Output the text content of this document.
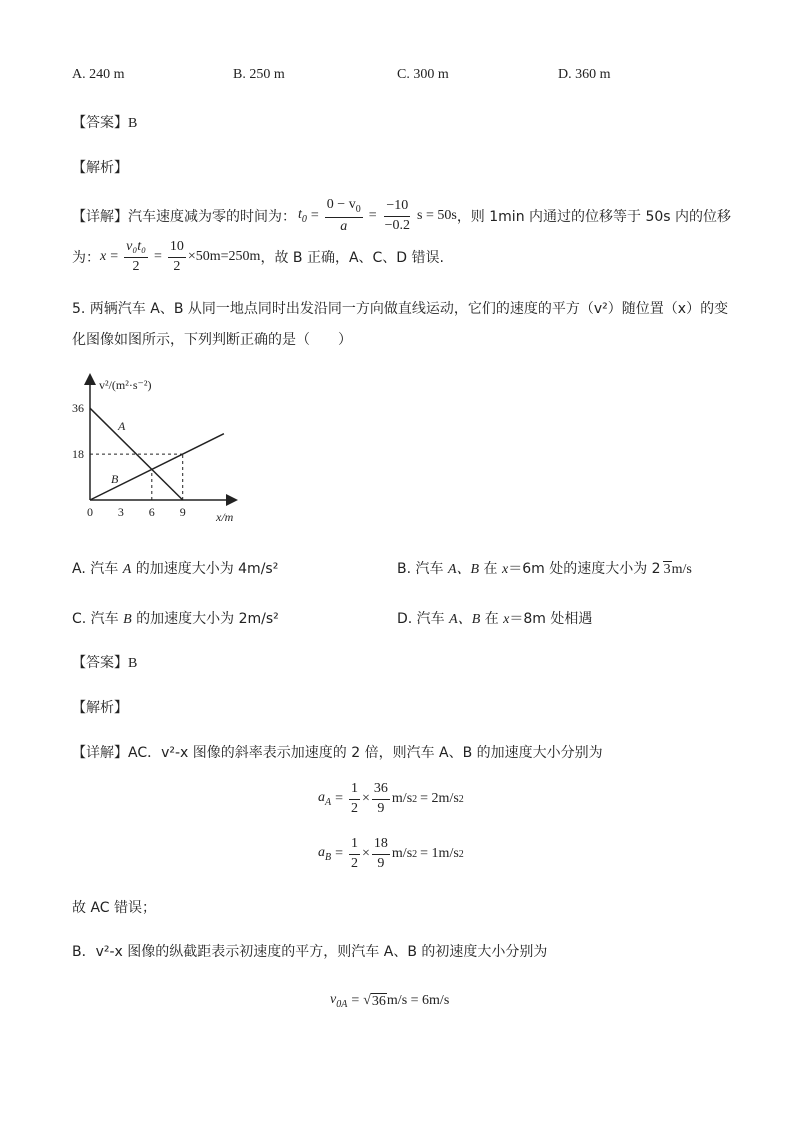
A. 240 m	B. 250 m	C. 300 m	D. 360 m
【答案】B
【解析】
【详解】 汽车速度减为零的时间为： $t_0 = \frac{0 - v_0}{a} = \frac{-10}{-0.2}$ s = 50s ，则 1min 内通过的位移等于 50s 内的位移
为： $x = \frac{\text{v₀t₀}}{2} = \frac{10}{2} \times 50m=250m$ ，故 B 正确，A、C、D 错误.
5. 两辆汽车 A、B 从同一地点同时出发沿同一方向做直线运动，它们的速度的平方（v²）随位置（x）的变
化图像如图所示，下列判断正确的是（　　）
A
B
0 3 6 9
18
36
v²/(m²·s⁻²)
x/m
A. 汽车 A 的加速度大小为 4m/s²	B. 汽车 A、B 在 x＝6m 处的速度大小为 2 3m/s
C. 汽车 B 的加速度大小为 2m/s²	D. 汽车 A、B 在 x＝8m 处相遇
【答案】B
【解析】
【详解】AC．v²-x 图像的斜率表示加速度的 2 倍，则汽车 A、B 的加速度大小分别为
$a_A = \frac{1}{2} \times \frac{36}{9} m/s$ 2 = 2m/s 2
$a_B = \frac{1}{2} \times \frac{18}{9} m/s$ 2 = 1m/s 2
故 AC 错误；
B．v²-x 图像的纵截距表示初速度的平方，则汽车 A、B 的初速度大小分别为
$v_{0A}$ = √ 36 m/s = 6m/s
